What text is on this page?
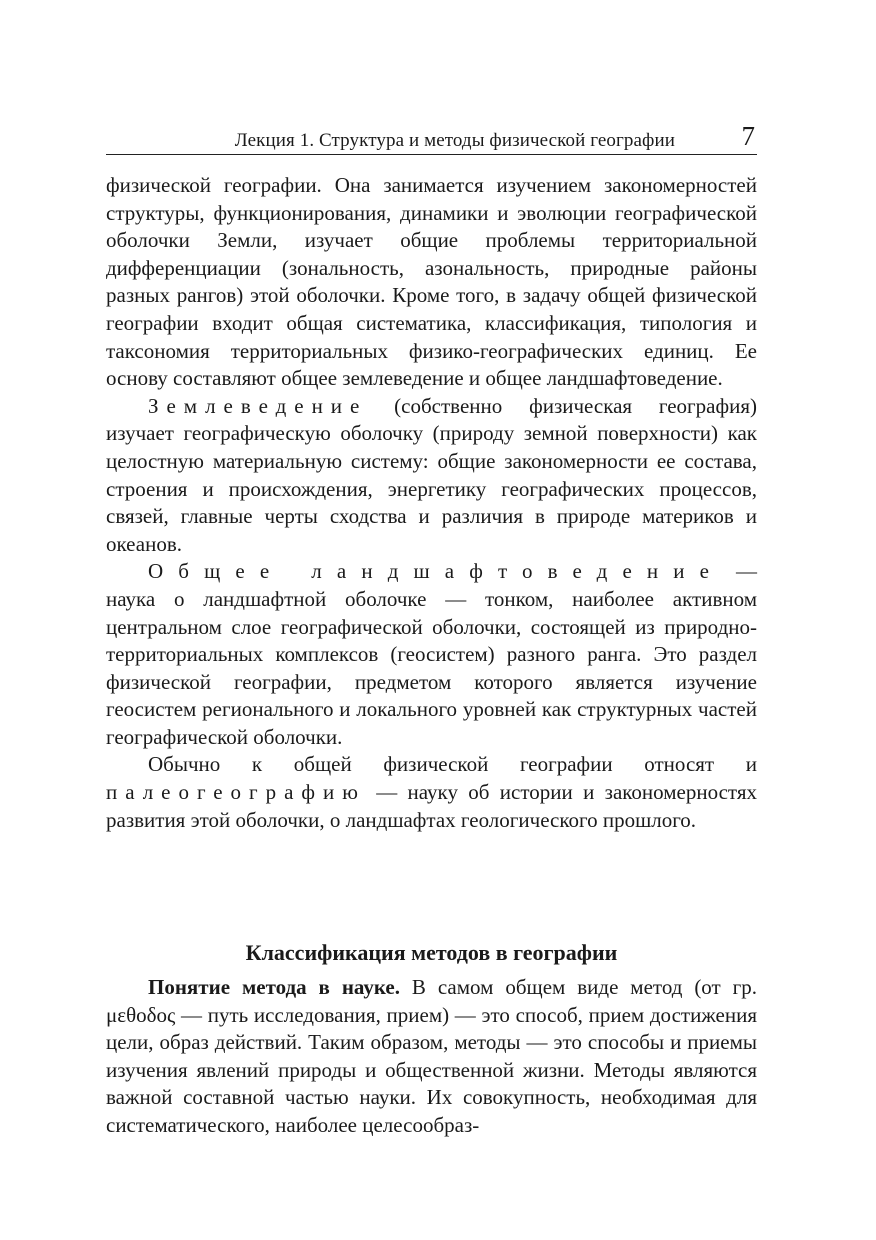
Лекция 1. Структура и методы физической географии 7

физической географии. Она занимается изучением закономерностей структуры, функционирования, динамики и эволюции географической оболочки Земли, изучает общие проблемы территориальной дифференциации (зональность, азональность, природные районы разных рангов) этой оболочки. Кроме того, в задачу общей физической географии входит общая систематика, классификация, типология и таксономия территориальных физико-географических единиц. Ее основу составляют общее землеведение и общее ландшафтоведение.

Землеведение (собственно физическая география) изучает географическую оболочку (природу земной поверхности) как целостную материальную систему: общие закономерности ее состава, строения и происхождения, энергетику географических процессов, связей, главные черты сходства и различия в природе материков и океанов.

Общее ландшафтоведение — наука о ландшафтной оболочке — тонком, наиболее активном центральном слое географической оболочки, состоящей из природно-территориальных комплексов (геосистем) разного ранга. Это раздел физической географии, предметом которого является изучение геосистем регионального и локального уровней как структурных частей географической оболочки.

Обычно к общей физической географии относят и палеогеографию — науку об истории и закономерностях развития этой оболочки, о ландшафтах геологического прошлого.

Классификация методов в географии

Понятие метода в науке. В самом общем виде метод (от гр. μεθοδος — путь исследования, прием) — это способ, прием достижения цели, образ действий. Таким образом, методы — это способы и приемы изучения явлений природы и общественной жизни. Методы являются важной составной частью науки. Их совокупность, необходимая для систематического, наиболее целесообраз-
